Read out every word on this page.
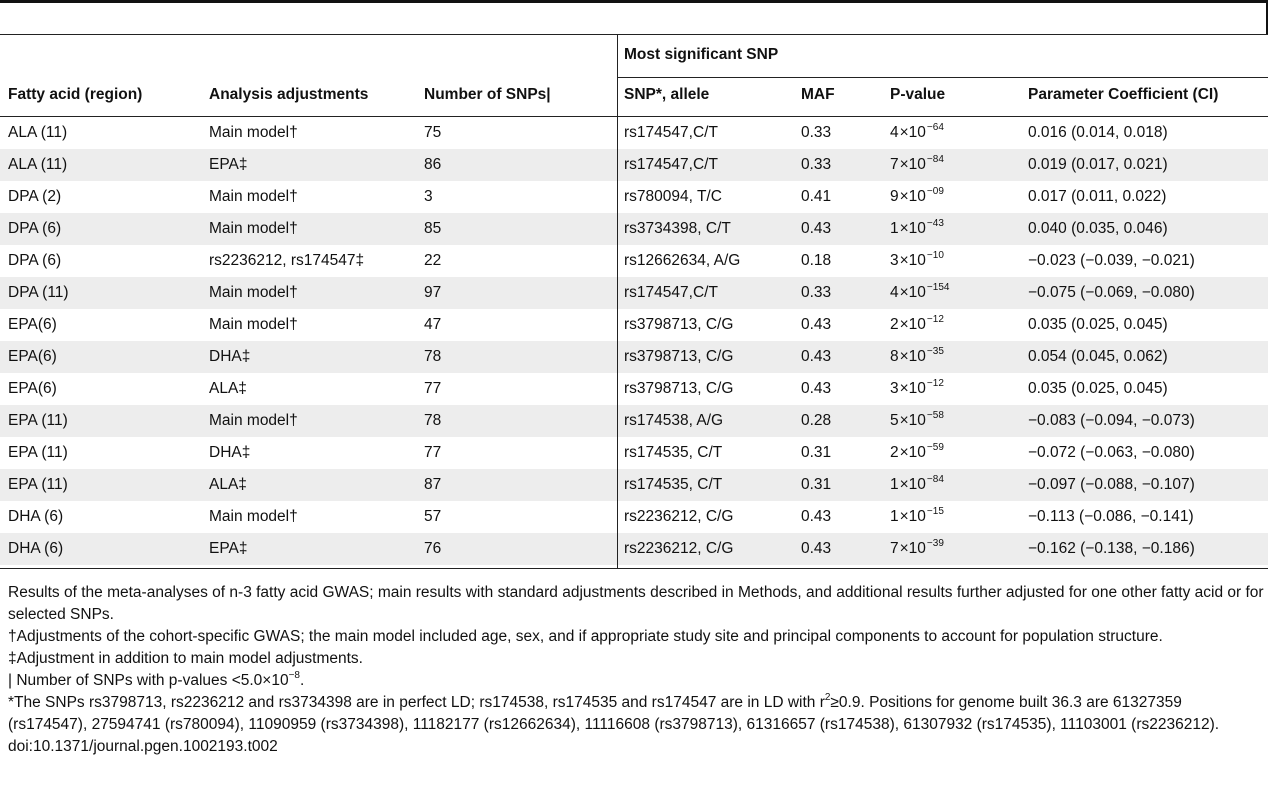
Most significant SNP
Fatty acid (region)	Analysis adjustments	Number of SNPs|	SNP*, allele	MAF	P-value	Parameter Coefficient (CI)
ALA (11)	Main model†	75	rs174547,C/T	0.33	$4\times 10^{-64}$	0.016 (0.014, 0.018)
ALA (11)	EPA‡	86	rs174547,C/T	0.33	$7\times 10^{-84}$	0.019 (0.017, 0.021)
DPA (2)	Main model†	3	rs780094, T/C	0.41	$9\times 10^{-09}$	0.017 (0.011, 0.022)
DPA (6)	Main model†	85	rs3734398, C/T	0.43	$1\times 10^{-43}$	0.040 (0.035, 0.046)
DPA (6)	rs2236212, rs174547‡	22	rs12662634, A/G	0.18	$3\times 10^{-10}$	−0.023 (−0.039, −0.021)
DPA (11)	Main model†	97	rs174547,C/T	0.33	$4\times 10^{-154}$	−0.075 (−0.069, −0.080)
EPA(6)	Main model†	47	rs3798713, C/G	0.43	$2\times 10^{-12}$	0.035 (0.025, 0.045)
EPA(6)	DHA‡	78	rs3798713, C/G	0.43	$8\times 10^{-35}$	0.054 (0.045, 0.062)
EPA(6)	ALA‡	77	rs3798713, C/G	0.43	$3\times 10^{-12}$	0.035 (0.025, 0.045)
EPA (11)	Main model†	78	rs174538, A/G	0.28	$5\times 10^{-58}$	−0.083 (−0.094, −0.073)
EPA (11)	DHA‡	77	rs174535, C/T	0.31	$2\times 10^{-59}$	−0.072 (−0.063, −0.080)
EPA (11)	ALA‡	87	rs174535, C/T	0.31	$1\times 10^{-84}$	−0.097 (−0.088, −0.107)
DHA (6)	Main model†	57	rs2236212, C/G	0.43	$1\times 10^{-15}$	−0.113 (−0.086, −0.141)
DHA (6)	EPA‡	76	rs2236212, C/G	0.43	$7\times 10^{-39}$	−0.162 (−0.138, −0.186)

Results of the meta-analyses of n-3 fatty acid GWAS; main results with standard adjustments described in Methods, and additional results further adjusted for one other fatty acid or for selected SNPs.

†Adjustments of the cohort-specific GWAS; the main model included age, sex, and if appropriate study site and principal components to account for population structure.

‡Adjustment in addition to main model adjustments.

| Number of SNPs with p-values $<5.0\times 10^{-8}$.

*The SNPs rs3798713, rs2236212 and rs3734398 are in perfect LD; rs174538, rs174535 and rs174547 are in LD with $r^2\ge 0.9$. Positions for genome built 36.3 are 61327359 (rs174547), 27594741 (rs780094), 11090959 (rs3734398), 11182177 (rs12662634), 11116608 (rs3798713), 61316657 (rs174538), 61307932 (rs174535), 11103001 (rs2236212).

doi:10.1371/journal.pgen.1002193.t002
